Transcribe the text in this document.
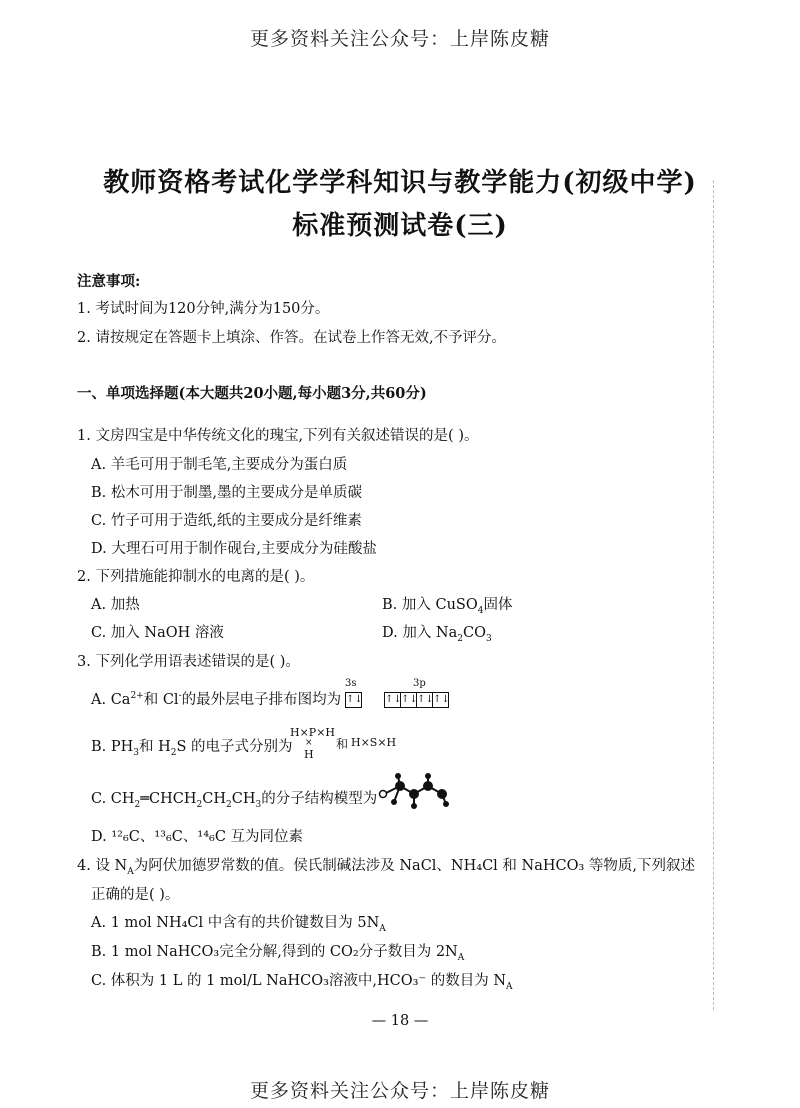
更多资料关注公众号：上岸陈皮糖
教师资格考试化学学科知识与教学能力(初级中学)
标准预测试卷(三)
注意事项:
1. 考试时间为120分钟,满分为150分。
2. 请按规定在答题卡上填涂、作答。在试卷上作答无效,不予评分。
一、单项选择题(本大题共20小题,每小题3分,共60分)
1. 文房四宝是中华传统文化的瑰宝,下列有关叙述错误的是( )。
A. 羊毛可用于制毛笔,主要成分为蛋白质
B. 松木可用于制墨,墨的主要成分是单质碳
C. 竹子可用于造纸,纸的主要成分是纤维素
D. 大理石可用于制作砚台,主要成分为硅酸盐
2. 下列措施能抑制水的电离的是( )。
A. 加热	B. 加入 CuSO$_4$固体
C. 加入 NaOH 溶液	D. 加入 $Na_2CO_3$
3. 下列化学用语表述错误的是( )。
A. $Ca^{2+}$和 Cl-的最外层电子排布图均为
3s	3p
↑↓ ↑↓↑↓↑↓↑↓
B. $PH_3$和 $H_2S$ 的电子式分别为
H×P×H
×
H
和 H×S×H
C. $CH_2═CHCH_2CH_2CH_3$的分子结构模型为
D. ¹²₆C、¹³₆C、¹⁴₆C 互为同位素
4. 设 $N_A$为阿伏加德罗常数的值。侯氏制碱法涉及 NaCl、NH₄Cl 和 NaHCO₃ 等物质,下列叙述
正确的是( )。
A. 1 mol NH₄Cl 中含有的共价键数目为 $5N_A$
B. 1 mol NaHCO₃完全分解,得到的 CO₂分子数目为 $2N_A$
C. 体积为 1 L 的 1 mol/L NaHCO₃溶液中,HCO₃⁻ 的数目为 $N_A$
— 18 —
更多资料关注公众号：上岸陈皮糖
